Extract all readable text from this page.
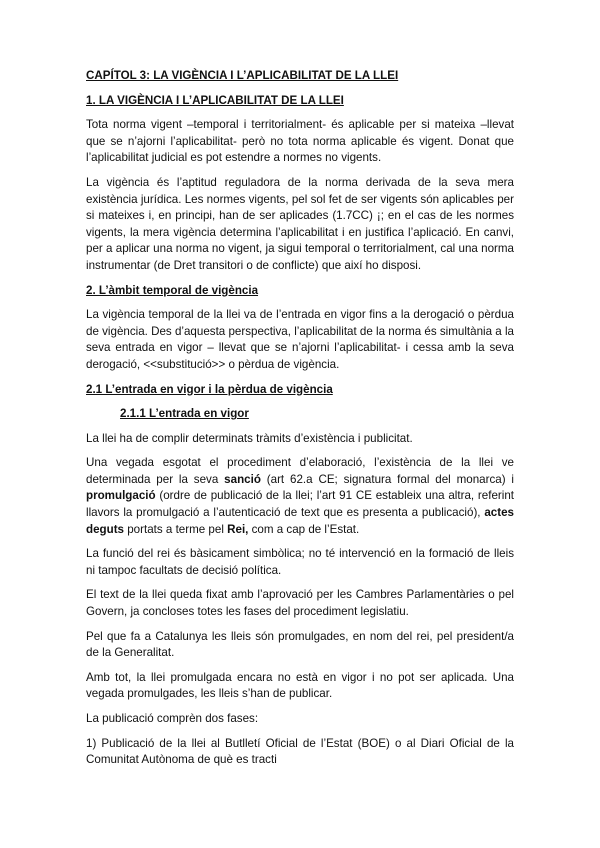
CAPÍTOL 3: LA VIGÈNCIA I L’APLICABILITAT DE LA LLEI
1. LA VIGÈNCIA I L’APLICABILITAT DE LA LLEI

Tota norma vigent –temporal i territorialment- és aplicable per si mateixa –llevat que se n’ajorni l’aplicabilitat- però no tota norma aplicable és vigent. Donat que l’aplicabilitat judicial es pot estendre a normes no vigents.

La vigència és l’aptitud reguladora de la norma derivada de la seva mera existència jurídica. Les normes vigents, pel sol fet de ser vigents són aplicables per si mateixes i, en principi, han de ser aplicades (1.7CC) ¡; en el cas de les normes vigents, la mera vigència determina l’aplicabilitat i en justifica l’aplicació. En canvi, per a aplicar una norma no vigent, ja sigui temporal o territorialment, cal una norma instrumentar (de Dret transitori o de conflicte) que així ho disposi.

2. L’àmbit temporal de vigència

La vigència temporal de la llei va de l’entrada en vigor fins a la derogació o pèrdua de vigència. Des d’aquesta perspectiva, l’aplicabilitat de la norma és simultània a la seva entrada en vigor – llevat que se n’ajorni l’aplicabilitat- i cessa amb la seva derogació, <<substitució>> o pèrdua de vigència.

2.1 L’entrada en vigor i la pèrdua de vigència
2.1.1 L’entrada en vigor

La llei ha de complir determinats tràmits d’existència i publicitat.

Una vegada esgotat el procediment d’elaboració, l’existència de la llei ve determinada per la seva sanció (art 62.a CE; signatura formal del monarca) i promulgació (ordre de publicació de la llei; l’art 91 CE estableix una altra, referint llavors la promulgació a l’autenticació de text que es presenta a publicació), actes deguts portats a terme pel Rei, com a cap de l’Estat.

La funció del rei és bàsicament simbòlica; no té intervenció en la formació de lleis ni tampoc facultats de decisió política.

El text de la llei queda fixat amb l’aprovació per les Cambres Parlamentàries o pel Govern, ja concloses totes les fases del procediment legislatiu.

Pel que fa a Catalunya les lleis són promulgades, en nom del rei, pel president/a de la Generalitat.

Amb tot, la llei promulgada encara no està en vigor i no pot ser aplicada. Una vegada promulgades, les lleis s’han de publicar.

La publicació comprèn dos fases:

1) Publicació de la llei al Butlletí Oficial de l’Estat (BOE) o al Diari Oficial de la Comunitat Autònoma de què es tracti
